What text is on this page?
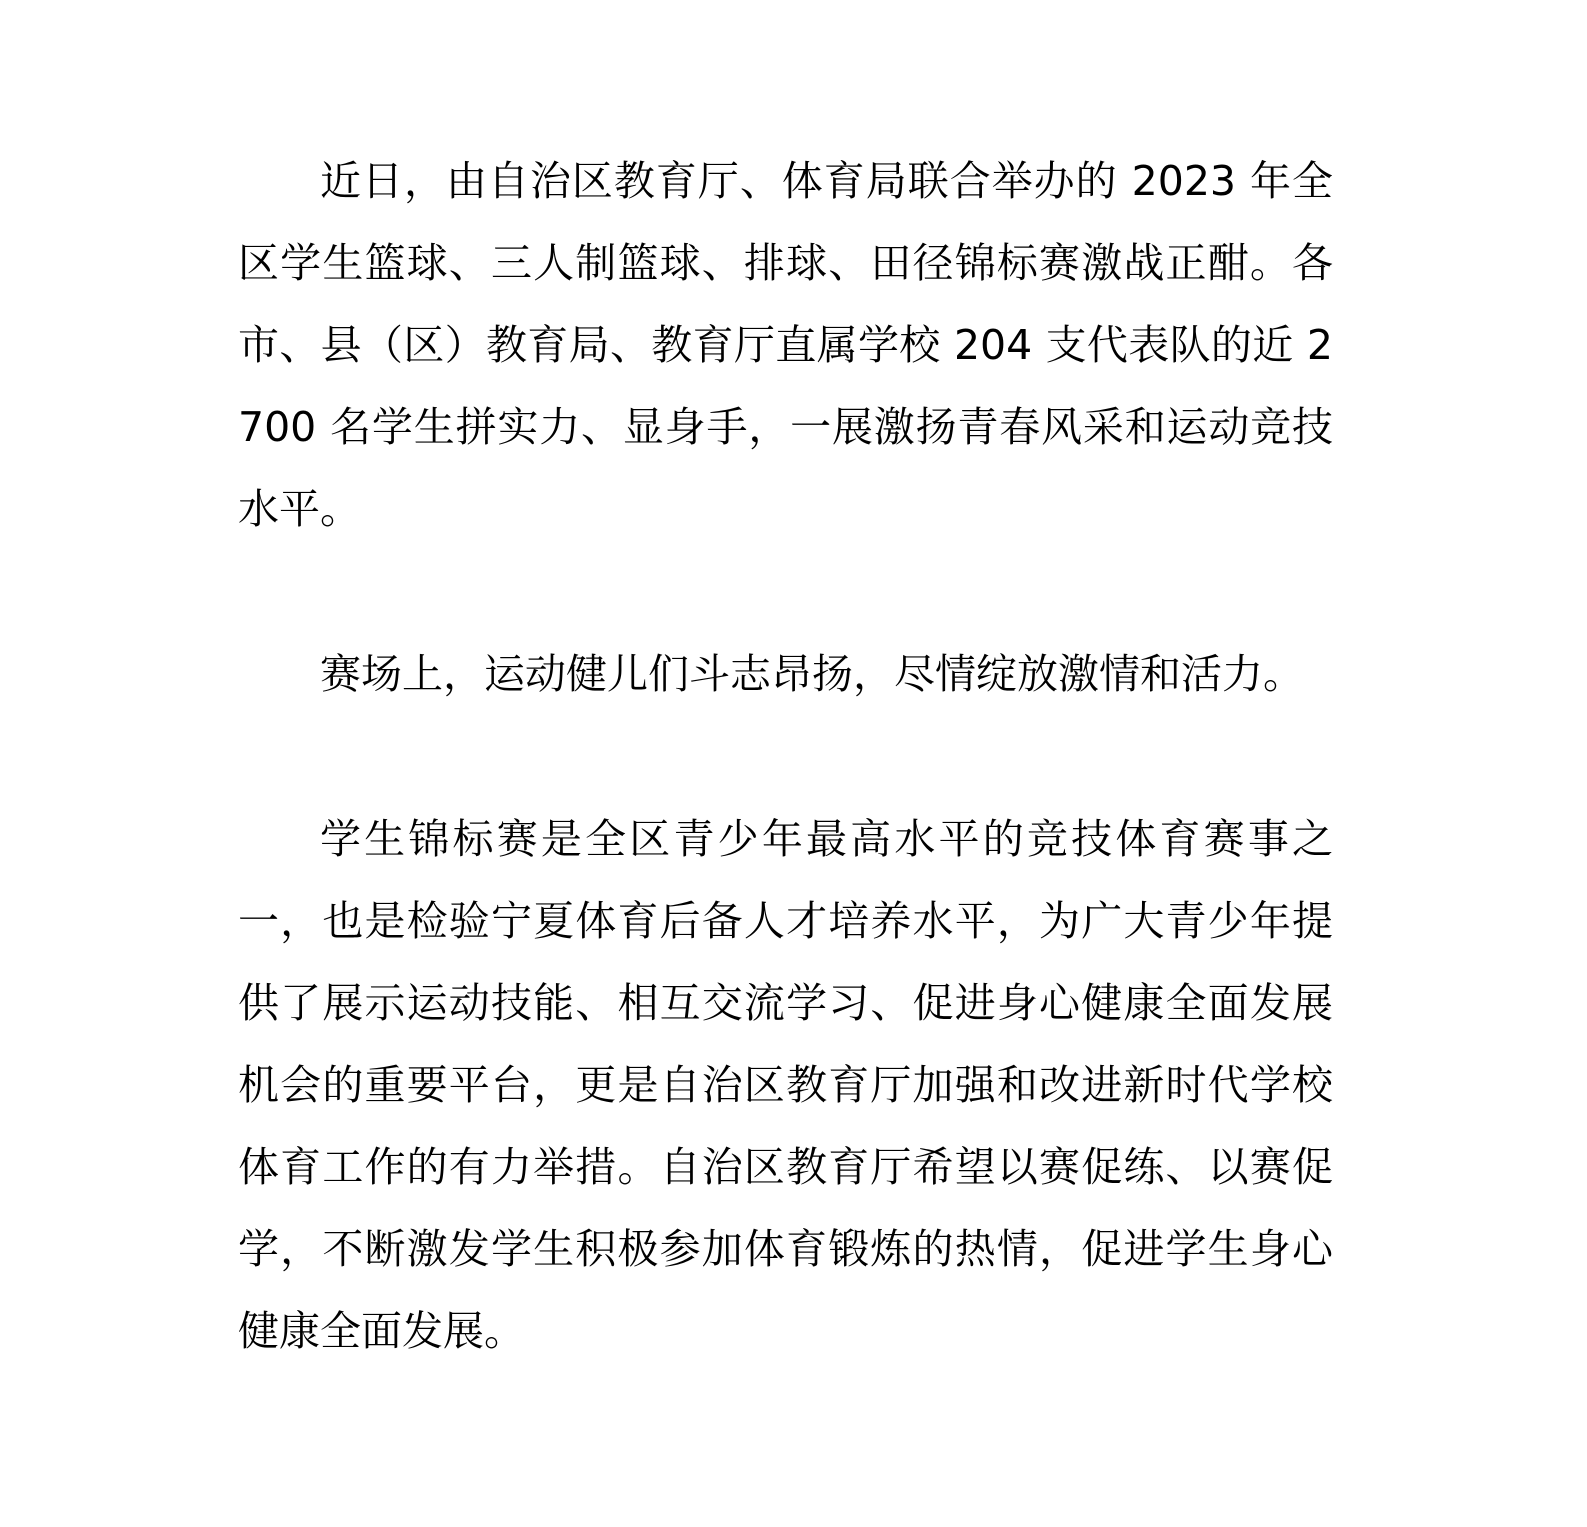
近日，由自治区教育厅、体育局联合举办的 2023 年全区学生篮球、三人制篮球、排球、田径锦标赛激战正酣。各市、县（区）教育局、教育厅直属学校 204 支代表队的近 2700 名学生拼实力、显身手，一展激扬青春风采和运动竞技水平。

赛场上，运动健儿们斗志昂扬，尽情绽放激情和活力。

学生锦标赛是全区青少年最高水平的竞技体育赛事之一，也是检验宁夏体育后备人才培养水平，为广大青少年提供了展示运动技能、相互交流学习、促进身心健康全面发展机会的重要平台，更是自治区教育厅加强和改进新时代学校体育工作的有力举措。自治区教育厅希望以赛促练、以赛促学，不断激发学生积极参加体育锻炼的热情，促进学生身心健康全面发展。
